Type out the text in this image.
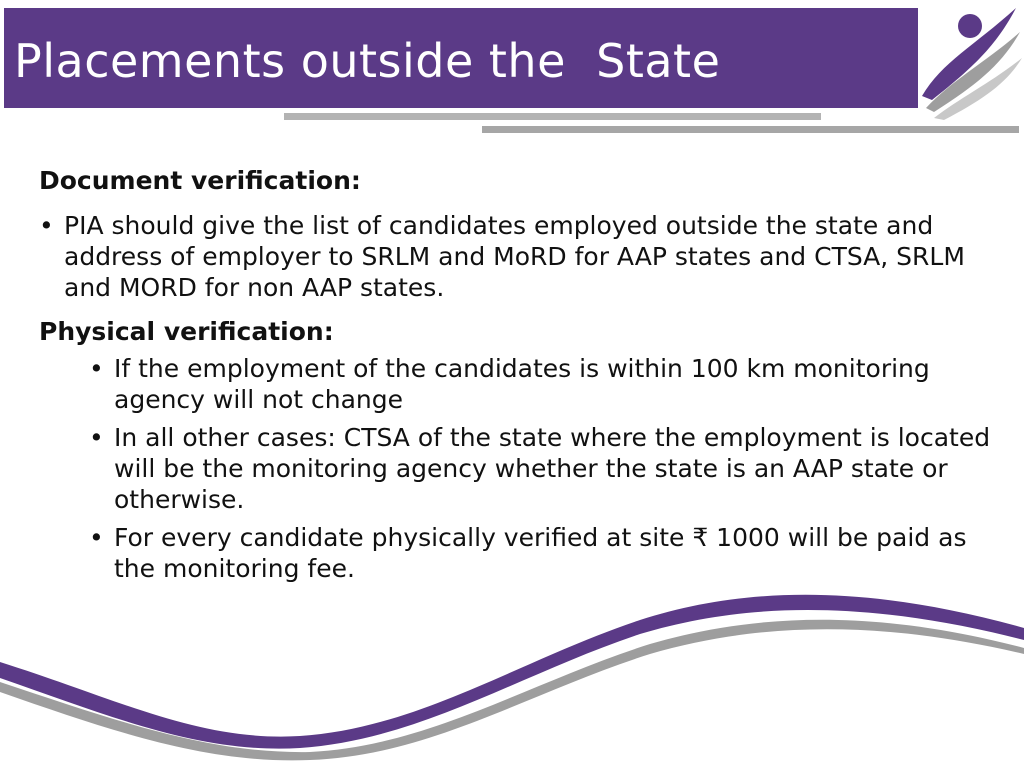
Placements outside the  State

Document verification:

• PIA should give the list of candidates employed outside the state and address of employer to SRLM and MoRD for AAP states and CTSA, SRLM and MORD for non AAP states.

Physical verification:

• If the employment of the candidates is within 100 km monitoring agency will not change
• In all other cases: CTSA of the state where the employment is located will be the monitoring agency whether the state is an AAP state or otherwise.
• For every candidate physically verified at site ₹ 1000 will be paid as the monitoring fee.
